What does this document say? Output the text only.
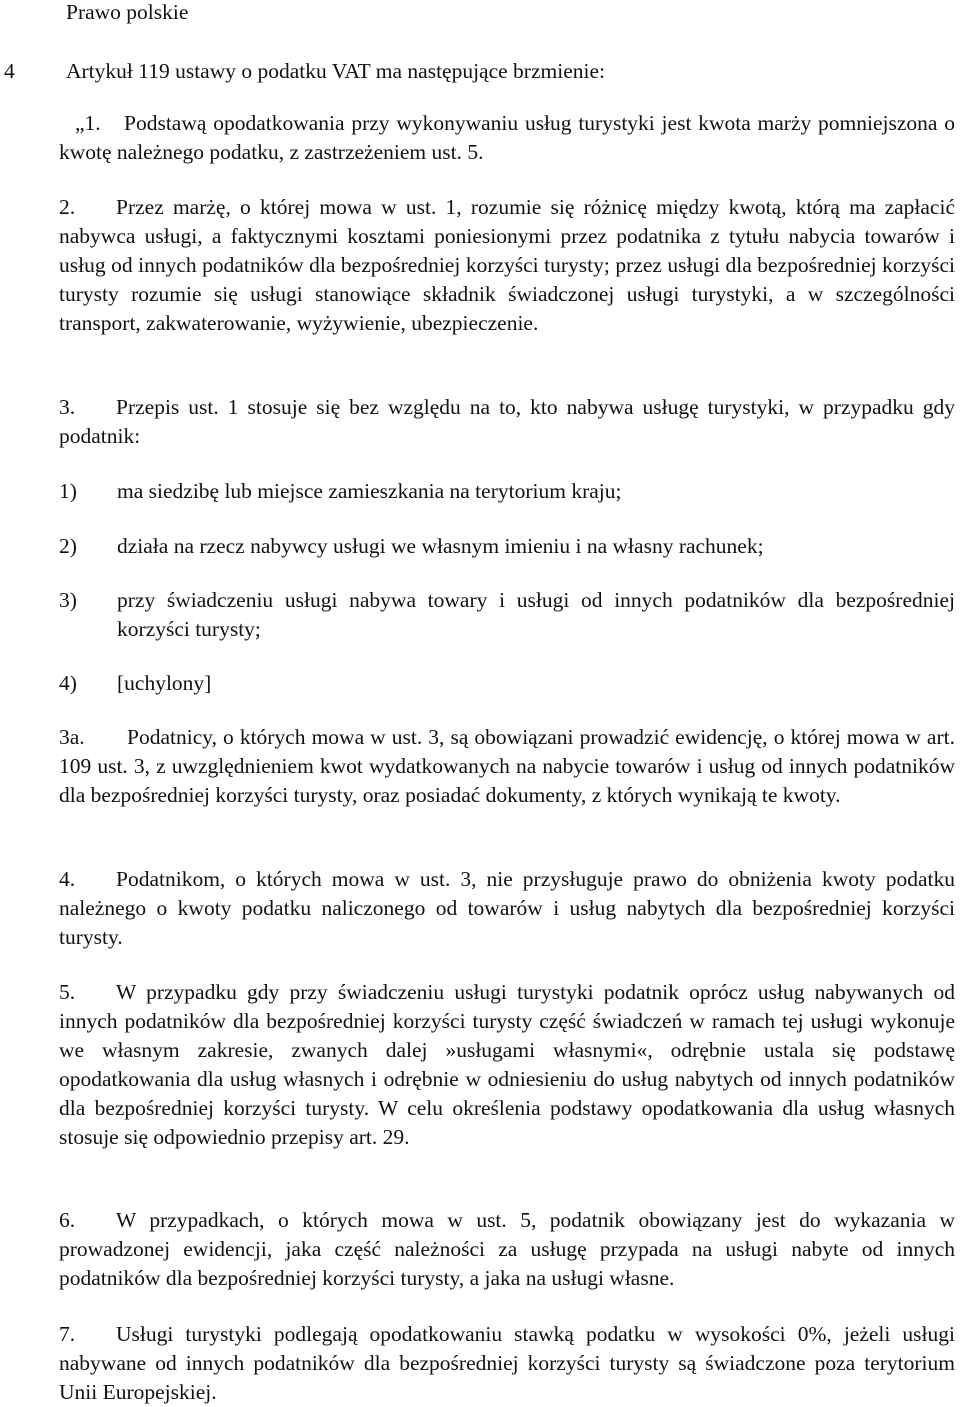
Prawo polskie

4 Artykuł 119 ustawy o podatku VAT ma następujące brzmienie:

„1. Podstawą opodatkowania przy wykonywaniu usług turystyki jest kwota marży pomniejszona o kwotę należnego podatku, z zastrzeżeniem ust. 5.

2. Przez marżę, o której mowa w ust. 1, rozumie się różnicę między kwotą, którą ma zapłacić nabywca usługi, a faktycznymi kosztami poniesionymi przez podatnika z tytułu nabycia towarów i usług od innych podatników dla bezpośredniej korzyści turysty; przez usługi dla bezpośredniej korzyści turysty rozumie się usługi stanowiące składnik świadczonej usługi turystyki, a w szczególności transport, zakwaterowanie, wyżywienie, ubezpieczenie.

3. Przepis ust. 1 stosuje się bez względu na to, kto nabywa usługę turystyki, w przypadku gdy podatnik:

1) ma siedzibę lub miejsce zamieszkania na terytorium kraju;

2) działa na rzecz nabywcy usługi we własnym imieniu i na własny rachunek;

3) przy świadczeniu usługi nabywa towary i usługi od innych podatników dla bezpośredniej korzyści turysty;

4) [uchylony]

3a. Podatnicy, o których mowa w ust. 3, są obowiązani prowadzić ewidencję, o której mowa w art. 109 ust. 3, z uwzględnieniem kwot wydatkowanych na nabycie towarów i usług od innych podatników dla bezpośredniej korzyści turysty, oraz posiadać dokumenty, z których wynikają te kwoty.

4. Podatnikom, o których mowa w ust. 3, nie przysługuje prawo do obniżenia kwoty podatku należnego o kwoty podatku naliczonego od towarów i usług nabytych dla bezpośredniej korzyści turysty.

5. W przypadku gdy przy świadczeniu usługi turystyki podatnik oprócz usług nabywanych od innych podatników dla bezpośredniej korzyści turysty część świadczeń w ramach tej usługi wykonuje we własnym zakresie, zwanych dalej »usługami własnymi«, odrębnie ustala się podstawę opodatkowania dla usług własnych i odrębnie w odniesieniu do usług nabytych od innych podatników dla bezpośredniej korzyści turysty. W celu określenia podstawy opodatkowania dla usług własnych stosuje się odpowiednio przepisy art. 29.

6. W przypadkach, o których mowa w ust. 5, podatnik obowiązany jest do wykazania w prowadzonej ewidencji, jaka część należności za usługę przypada na usługi nabyte od innych podatników dla bezpośredniej korzyści turysty, a jaka na usługi własne.

7. Usługi turystyki podlegają opodatkowaniu stawką podatku w wysokości 0%, jeżeli usługi nabywane od innych podatników dla bezpośredniej korzyści turysty są świadczone poza terytorium Unii Europejskiej.
